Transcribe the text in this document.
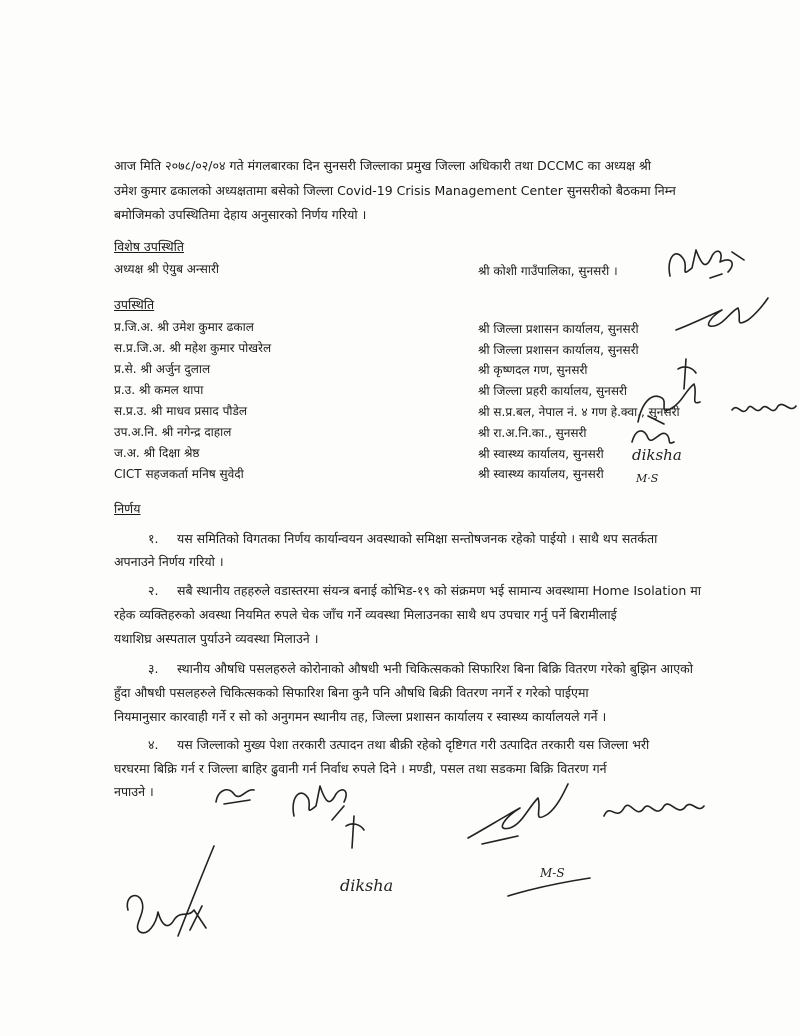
आज मिति २०७८/०२/०४ गते मंगलबारका दिन सुनसरी जिल्लाका प्रमुख जिल्ला अधिकारी तथा DCCMC का अध्यक्ष श्री
उमेश कुमार ढकालको अध्यक्षतामा बसेको जिल्ला Covid-19 Crisis Management Center सुनसरीको बैठकमा निम्न
बमोजिमको उपस्थितिमा देहाय अनुसारको निर्णय गरियो ।
विशेष उपस्थिति
अध्यक्ष श्री ऐयुब अन्सारी	श्री कोशी गाउँपालिका, सुनसरी ।
उपस्थिति
प्र.जि.अ. श्री उमेश कुमार ढकाल	श्री जिल्ला प्रशासन कार्यालय, सुनसरी
स.प्र.जि.अ. श्री महेश कुमार पोखरेल	श्री जिल्ला प्रशासन कार्यालय, सुनसरी
प्र.से. श्री अर्जुन दुलाल	श्री कृष्णदल गण, सुनसरी
प्र.उ. श्री कमल थापा	श्री जिल्ला प्रहरी कार्यालय, सुनसरी
स.प्र.उ. श्री माधव प्रसाद पौडेल	श्री स.प्र.बल, नेपाल नं. ४ गण हे.क्वा., सुनसरी
उप.अ.नि. श्री नगेन्द्र दाहाल	श्री रा.अ.नि.का., सुनसरी
ज.अ. श्री दिक्षा श्रेष्ठ	श्री स्वास्थ्य कार्यालय, सुनसरी
CICT सहजकर्ता मनिष सुवेदी	श्री स्वास्थ्य कार्यालय, सुनसरी
निर्णय
१. यस समितिको विगतका निर्णय कार्यान्वयन अवस्थाको समिक्षा सन्तोषजनक रहेको पाईयो । साथै थप सतर्कता
अपनाउने निर्णय गरियो ।
२. सबै स्थानीय तहहरुले वडास्तरमा संयन्त्र बनाई कोभिड-१९ को संक्रमण भई सामान्य अवस्थामा Home Isolation मा
रहेक व्यक्तिहरुको अवस्था नियमित रुपले चेक जाँच गर्ने व्यवस्था मिलाउनका साथै थप उपचार गर्नु पर्ने बिरामीलाई
यथाशिघ्र अस्पताल पुर्याउने व्यवस्था मिलाउने ।
३. स्थानीय औषधि पसलहरुले कोरोनाको औषधी भनी चिकित्सकको सिफारिश बिना बिक्रि वितरण गरेको बुझिन आएको
हुँदा औषधी पसलहरुले चिकित्सकको सिफारिश बिना कुनै पनि औषधि बिक्री वितरण नगर्ने र गरेको पाईएमा
नियमानुसार कारवाही गर्ने र सो को अनुगमन स्थानीय तह, जिल्ला प्रशासन कार्यालय र स्वास्थ्य कार्यालयले गर्ने ।
४. यस जिल्लाको मुख्य पेशा तरकारी उत्पादन तथा बीक्री रहेको दृष्टिगत गरी उत्पादित तरकारी यस जिल्ला भरी
घरघरमा बिक्रि गर्न र जिल्ला बाहिर ढुवानी गर्न निर्वाध रुपले दिने । मण्डी, पसल तथा सडकमा बिक्रि वितरण गर्न
नपाउने ।
diksha
M·S
diksha
M-S
